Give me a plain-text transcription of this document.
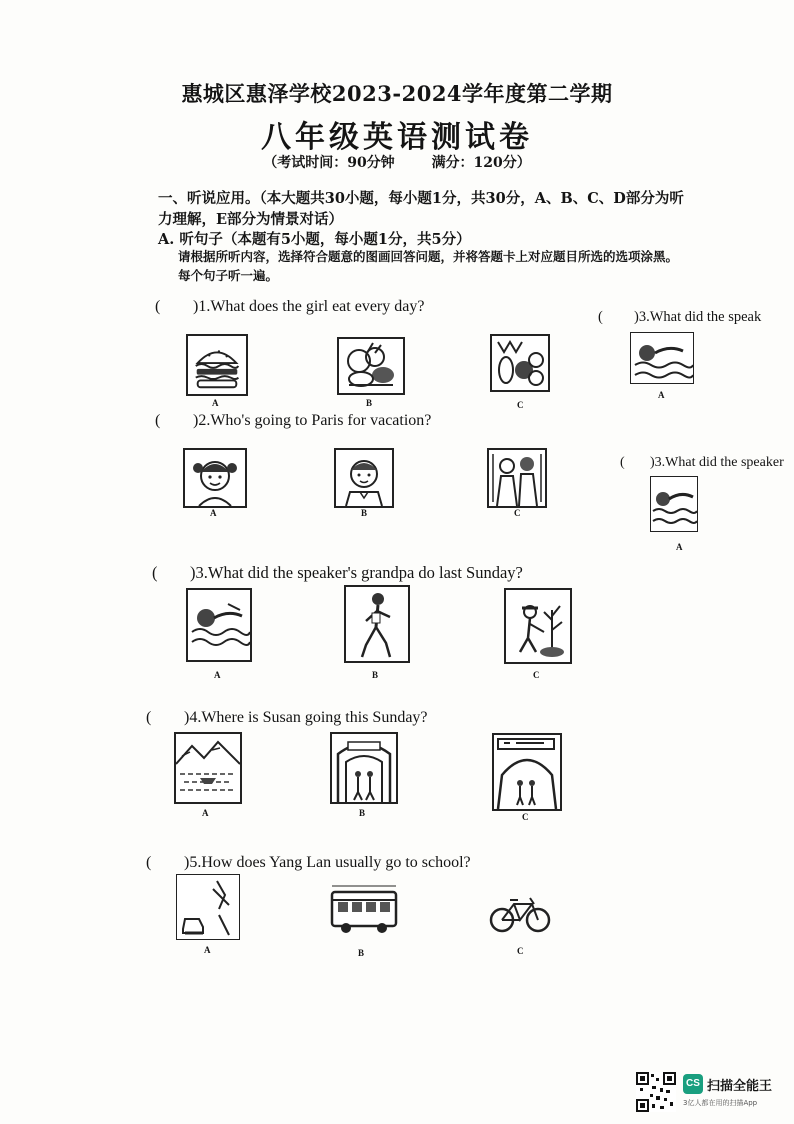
惠城区惠泽学校2023-2024学年度第二学期
八年级英语测试卷
（考试时间：90分钟	满分：120分）
一、听说应用。（本大题共30小题，每小题1分，共30分，A、B、C、D部分为听力理解，E部分为情景对话）
A. 听句子（本题有5小题，每小题1分，共5分）
请根据所听内容，选择符合题意的图画回答问题，并将答题卡上对应题目所选的选项涂黑。每个句子听一遍。
( )1.What does the girl eat every day?
A	B	C
( )2.Who's going to Paris for vacation?
A	B	C
( )3.What did the speaker's grandpa do last Sunday?
A	B	C
( )4.Where is Susan going this Sunday?
A	B	C
( )5.How does Yang Lan usually go to school?
A	B	C
( )3.What did the speak
A
( )3.What did the speaker
A
CS 扫描全能王
3亿人都在用的扫描App
